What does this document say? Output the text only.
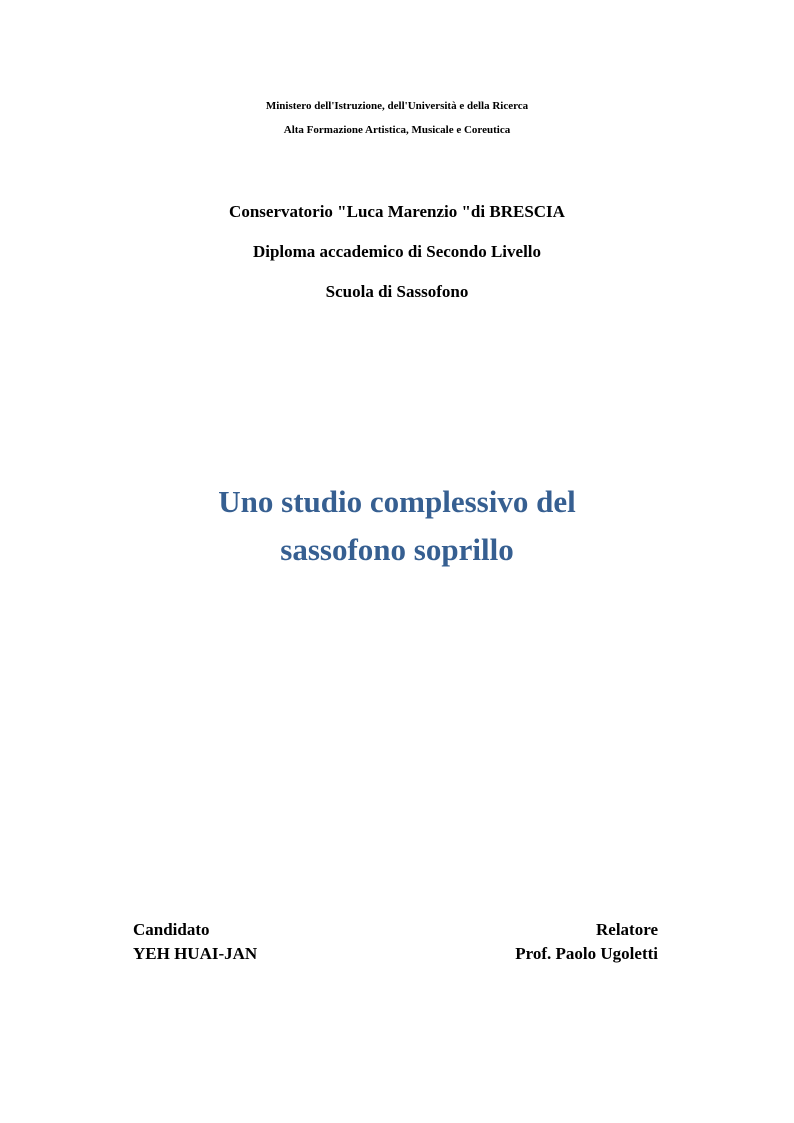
Ministero dell'Istruzione, dell'Università e della Ricerca
Alta Formazione Artistica, Musicale e Coreutica
Conservatorio "Luca Marenzio "di BRESCIA
Diploma accademico di Secondo Livello
Scuola di Sassofono
Uno studio complessivo del
sassofono soprillo
Candidato
YEH HUAI-JAN
Relatore
Prof. Paolo Ugoletti
